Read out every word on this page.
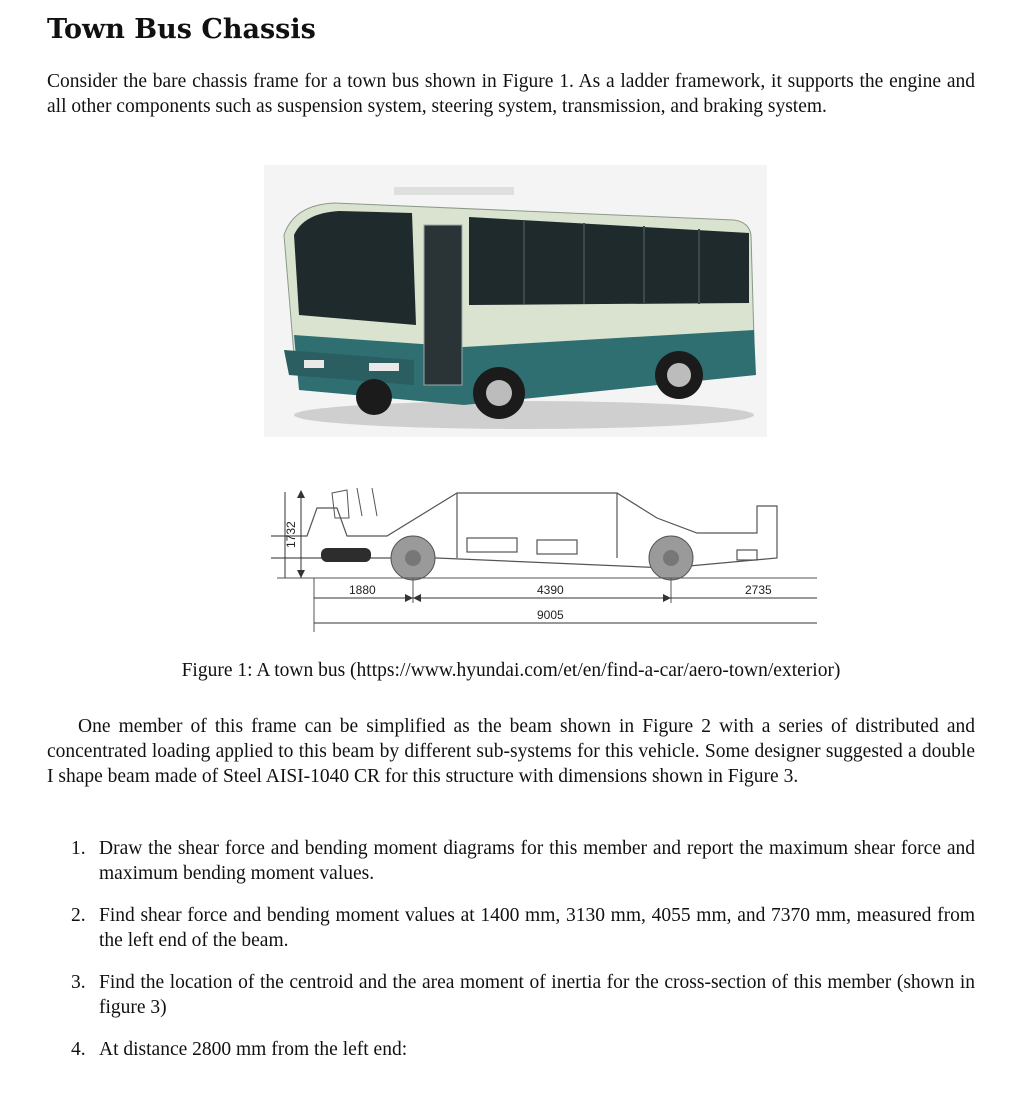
Town Bus Chassis

Consider the bare chassis frame for a town bus shown in Figure 1. As a ladder framework, it supports the engine and all other components such as suspension system, steering system, transmission, and braking system.

1732
1880	4390	2735
9005
Figure 1: A town bus (https://www.hyundai.com/et/en/find-a-car/aero-town/exterior)

One member of this frame can be simplified as the beam shown in Figure 2 with a series of distributed and concentrated loading applied to this beam by different sub-systems for this vehicle. Some designer suggested a double I shape beam made of Steel AISI-1040 CR for this structure with dimensions shown in Figure 3.

1. Draw the shear force and bending moment diagrams for this member and report the maximum shear force and maximum bending moment values.
2. Find shear force and bending moment values at 1400 mm, 3130 mm, 4055 mm, and 7370 mm, measured from the left end of the beam.
3. Find the location of the centroid and the area moment of inertia for the cross-section of this member (shown in figure 3)
4. At distance 2800 mm from the left end:
